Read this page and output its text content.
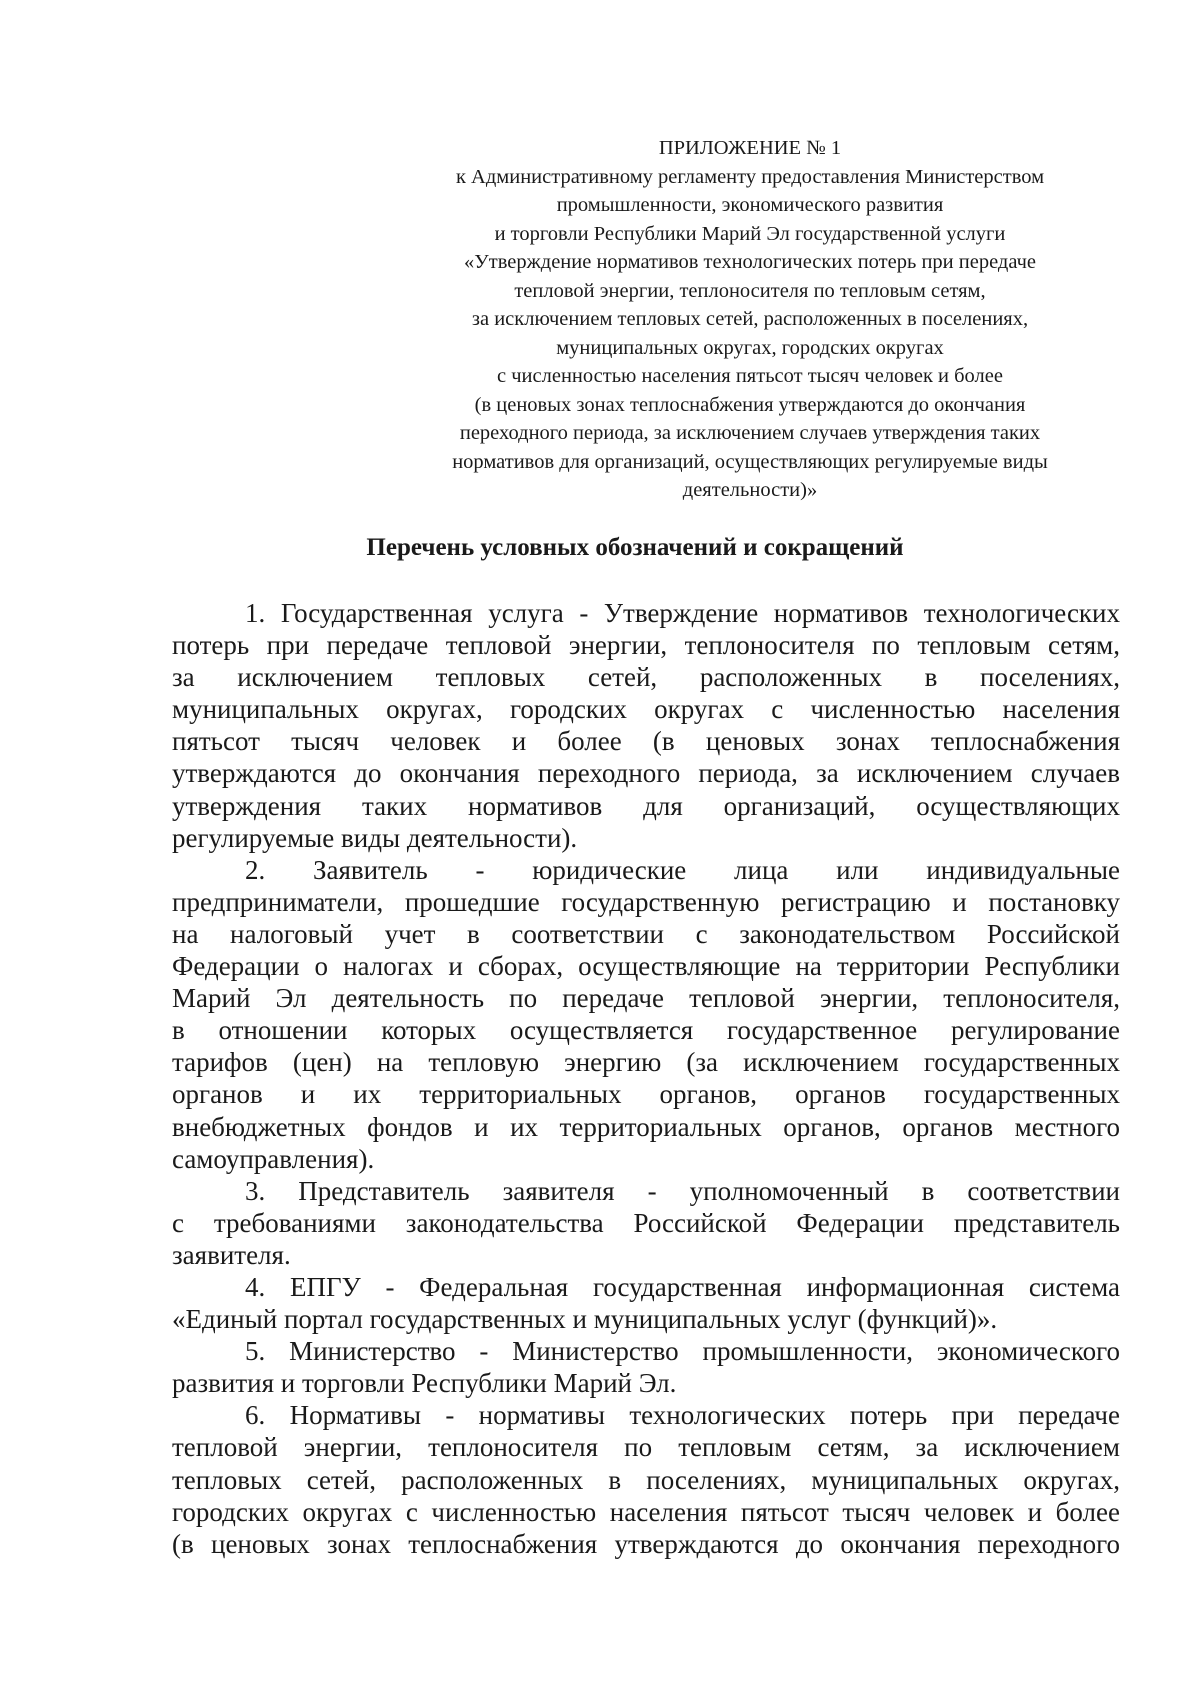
ПРИЛОЖЕНИЕ № 1
к Административному регламенту предоставления Министерством
промышленности, экономического развития
и торговли Республики Марий Эл государственной услуги
«Утверждение нормативов технологических потерь при передаче
тепловой энергии, теплоносителя по тепловым сетям,
за исключением тепловых сетей, расположенных в поселениях,
муниципальных округах, городских округах
с численностью населения пятьсот тысяч человек и более
(в ценовых зонах теплоснабжения утверждаются до окончания
переходного периода, за исключением случаев утверждения таких
нормативов для организаций, осуществляющих регулируемые виды
деятельности)»
Перечень условных обозначений и сокращений
1. Государственная услуга - Утверждение нормативов технологических
потерь при передаче тепловой энергии, теплоносителя по тепловым сетям,
за исключением тепловых сетей, расположенных в поселениях,
муниципальных округах, городских округах с численностью населения
пятьсот тысяч человек и более (в ценовых зонах теплоснабжения
утверждаются до окончания переходного периода, за исключением случаев
утверждения таких нормативов для организаций, осуществляющих
регулируемые виды деятельности).
2. Заявитель - юридические лица или индивидуальные
предприниматели, прошедшие государственную регистрацию и постановку
на налоговый учет в соответствии с законодательством Российской
Федерации о налогах и сборах, осуществляющие на территории Республики
Марий Эл деятельность по передаче тепловой энергии, теплоносителя,
в отношении которых осуществляется государственное регулирование
тарифов (цен) на тепловую энергию (за исключением государственных
органов и их территориальных органов, органов государственных
внебюджетных фондов и их территориальных органов, органов местного
самоуправления).
3. Представитель заявителя - уполномоченный в соответствии
с требованиями законодательства Российской Федерации представитель
заявителя.
4. ЕПГУ - Федеральная государственная информационная система
«Единый портал государственных и муниципальных услуг (функций)».
5. Министерство - Министерство промышленности, экономического
развития и торговли Республики Марий Эл.
6. Нормативы - нормативы технологических потерь при передаче
тепловой энергии, теплоносителя по тепловым сетям, за исключением
тепловых сетей, расположенных в поселениях, муниципальных округах,
городских округах с численностью населения пятьсот тысяч человек и более
(в ценовых зонах теплоснабжения утверждаются до окончания переходного
